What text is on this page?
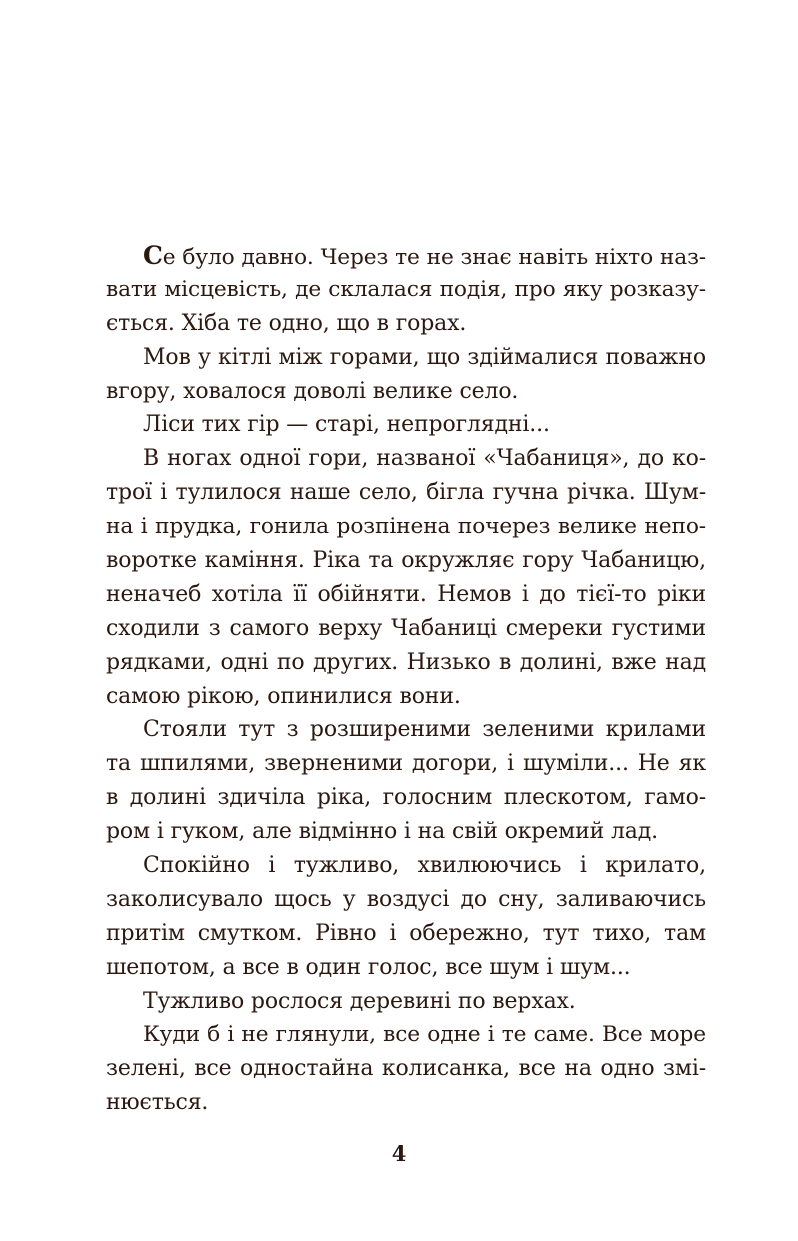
Се було давно. Через те не знає навіть ніхто наз-
вати місцевість, де склалася подія, про яку розказу-
ється. Хіба те одно, що в горах.
Мов у кітлі між горами, що здіймалися поважно
вгору, ховалося доволі велике село.
Ліси тих гір — старі, непроглядні...
В ногах одної гори, названої «Чабаниця», до ко-
трої і тулилося наше село, бігла гучна річка. Шум-
на і прудка, гонила розпінена почерез велике непо-
воротке каміння. Ріка та окружляє гору Чабаницю,
неначеб хотіла її обійняти. Немов і до тієї-то ріки
сходили з самого верху Чабаниці смереки густими
рядками, одні по других. Низько в долині, вже над
самою рікою, опинилися вони.
Стояли тут з розширеними зеленими крилами
та шпилями, зверненими догори, і шуміли... Не як
в долині здичіла ріка, голосним плескотом, гамо-
ром і гуком, але відмінно і на свій окремий лад.
Спокійно і тужливо, хвилюючись і крилато,
заколисувало щось у воздусі до сну, заливаючись
притім смутком. Рівно і обережно, тут тихо, там
шепотом, а все в один голос, все шум і шум...
Тужливо рослося деревині по верхах.
Куди б і не глянули, все одне і те саме. Все море
зелені, все одностайна колисанка, все на одно змі-
нюється.
4
